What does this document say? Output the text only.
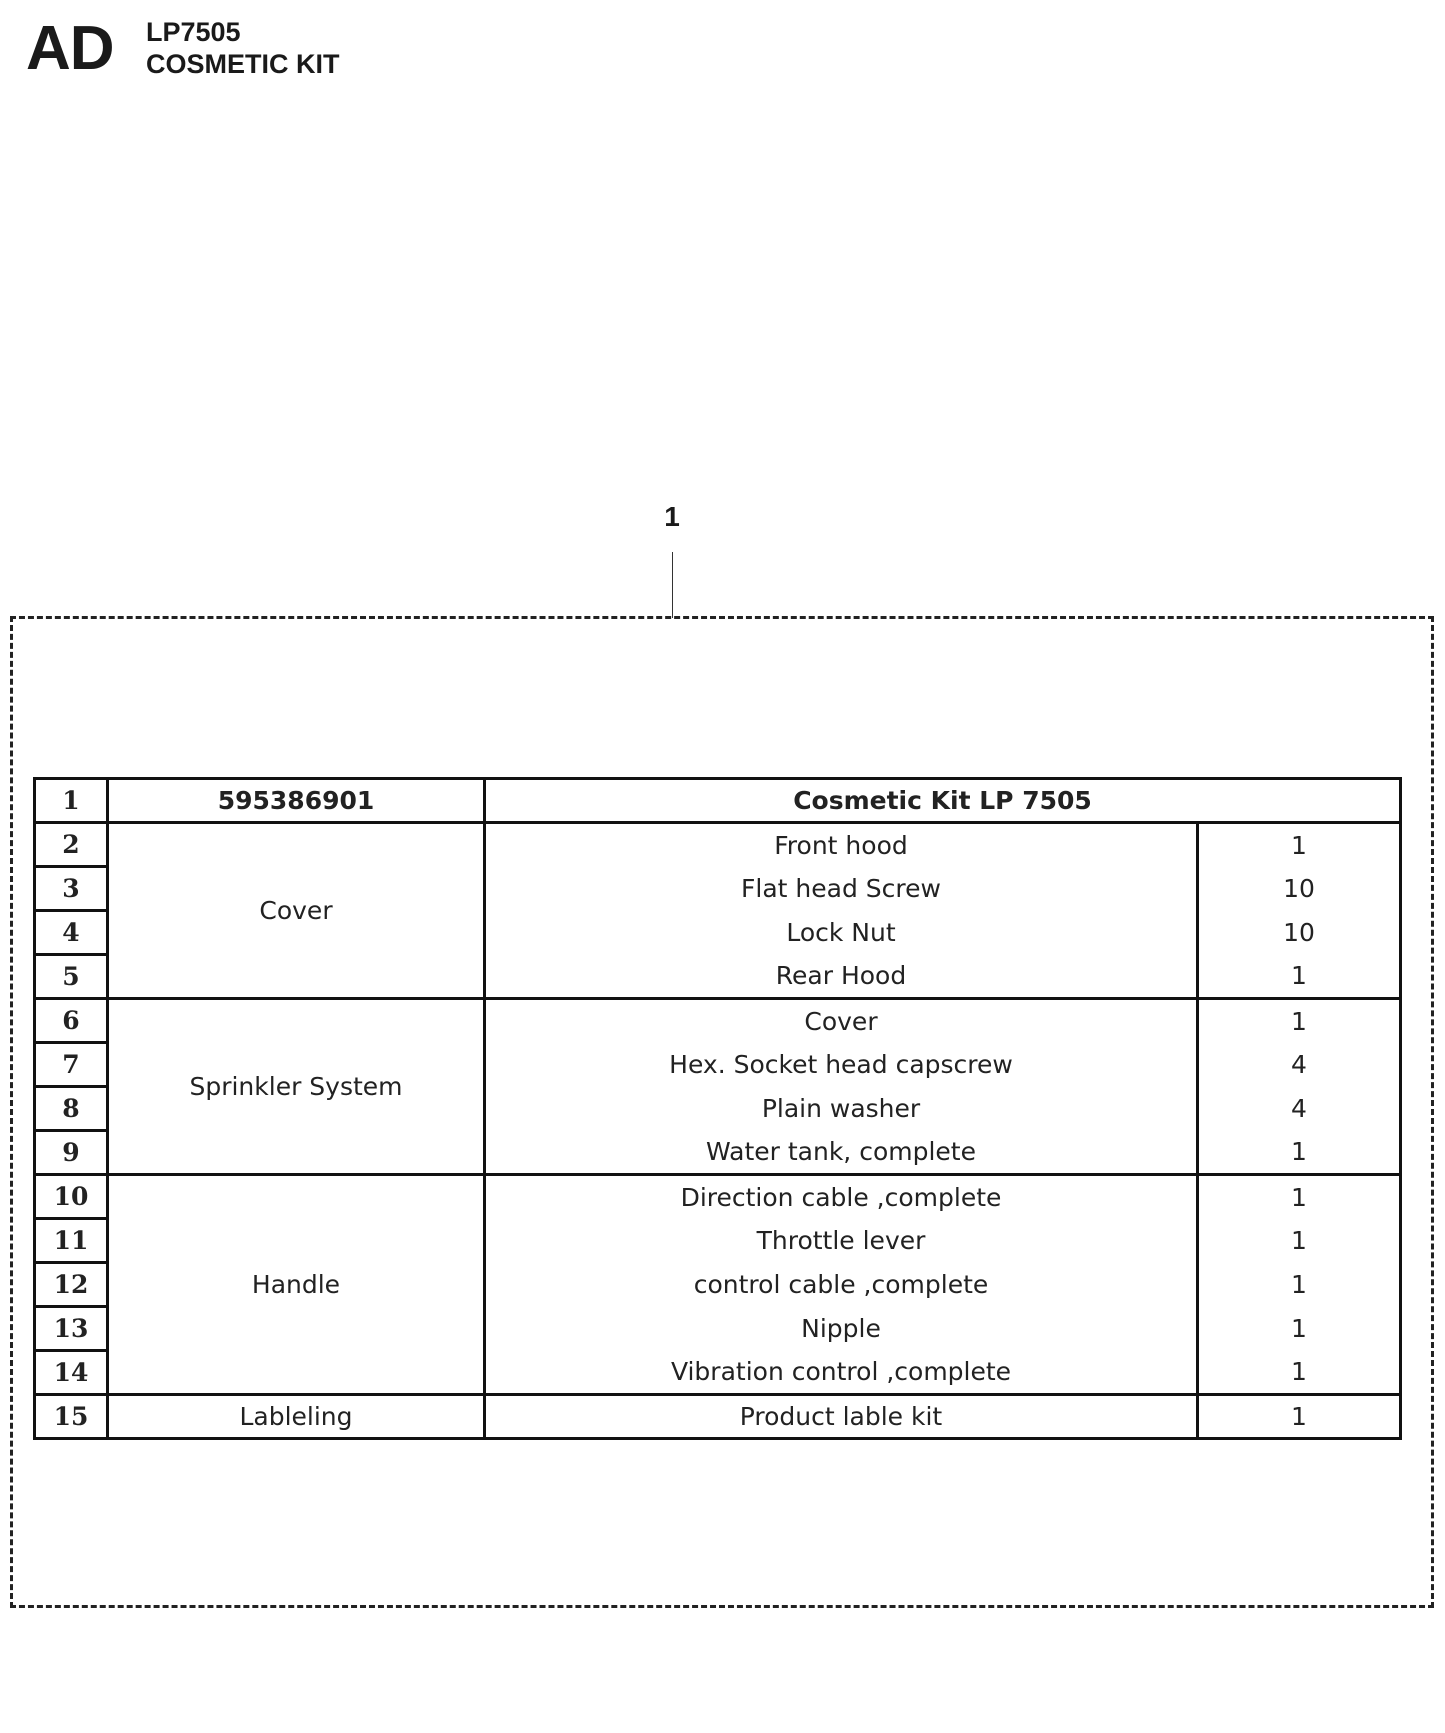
AD LP7505
COSMETIC KIT
1
1	595386901	Cosmetic Kit LP 7505	
2	Cover	Front hood	1
3		Flat head Screw	10
4		Lock Nut	10
5		Rear Hood	1
6	Sprinkler System	Cover	1
7		Hex. Socket head capscrew	4
8		Plain washer	4
9		Water tank, complete	1
10	Handle	Direction cable ,complete	1
11		Throttle lever	1
12		control cable ,complete	1
13		Nipple	1
14		Vibration control ,complete	1
15	Lableling	Product lable kit	1
